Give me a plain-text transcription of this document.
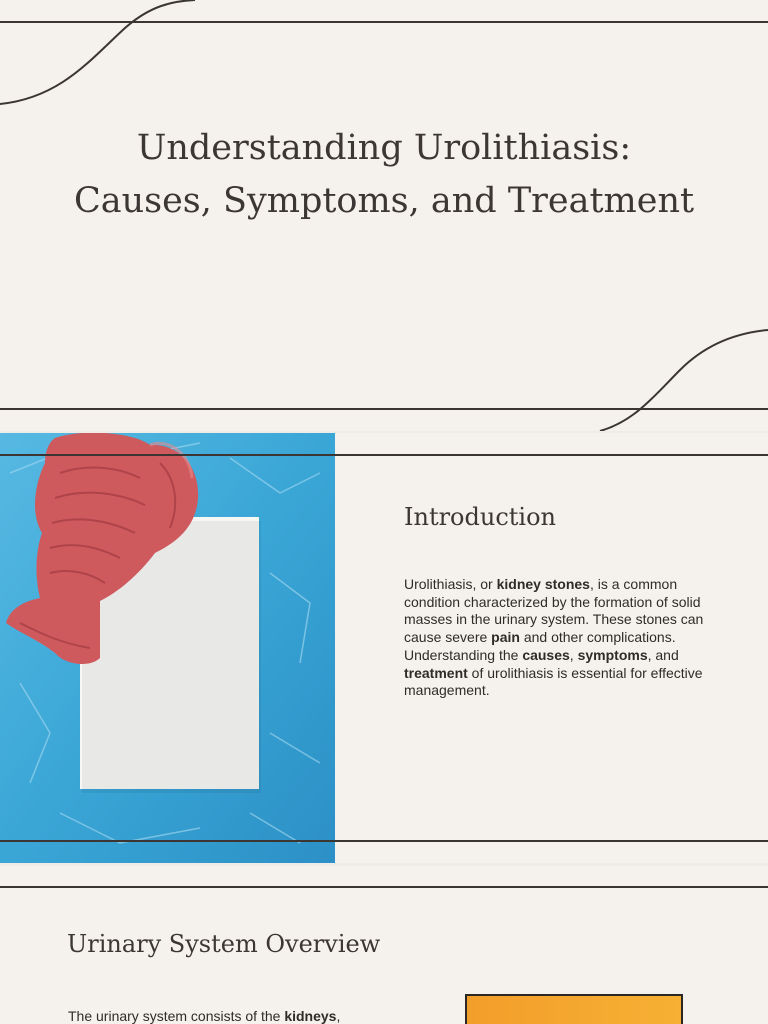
Understanding Urolithiasis:
Causes, Symptoms, and Treatment
Introduction
Urolithiasis, or kidney stones, is a common condition characterized by the formation of solid masses in the urinary system. These stones can cause severe pain and other complications. Understanding the causes, symptoms, and treatment of urolithiasis is essential for effective management.
Urinary System Overview
The urinary system consists of the kidneys,
